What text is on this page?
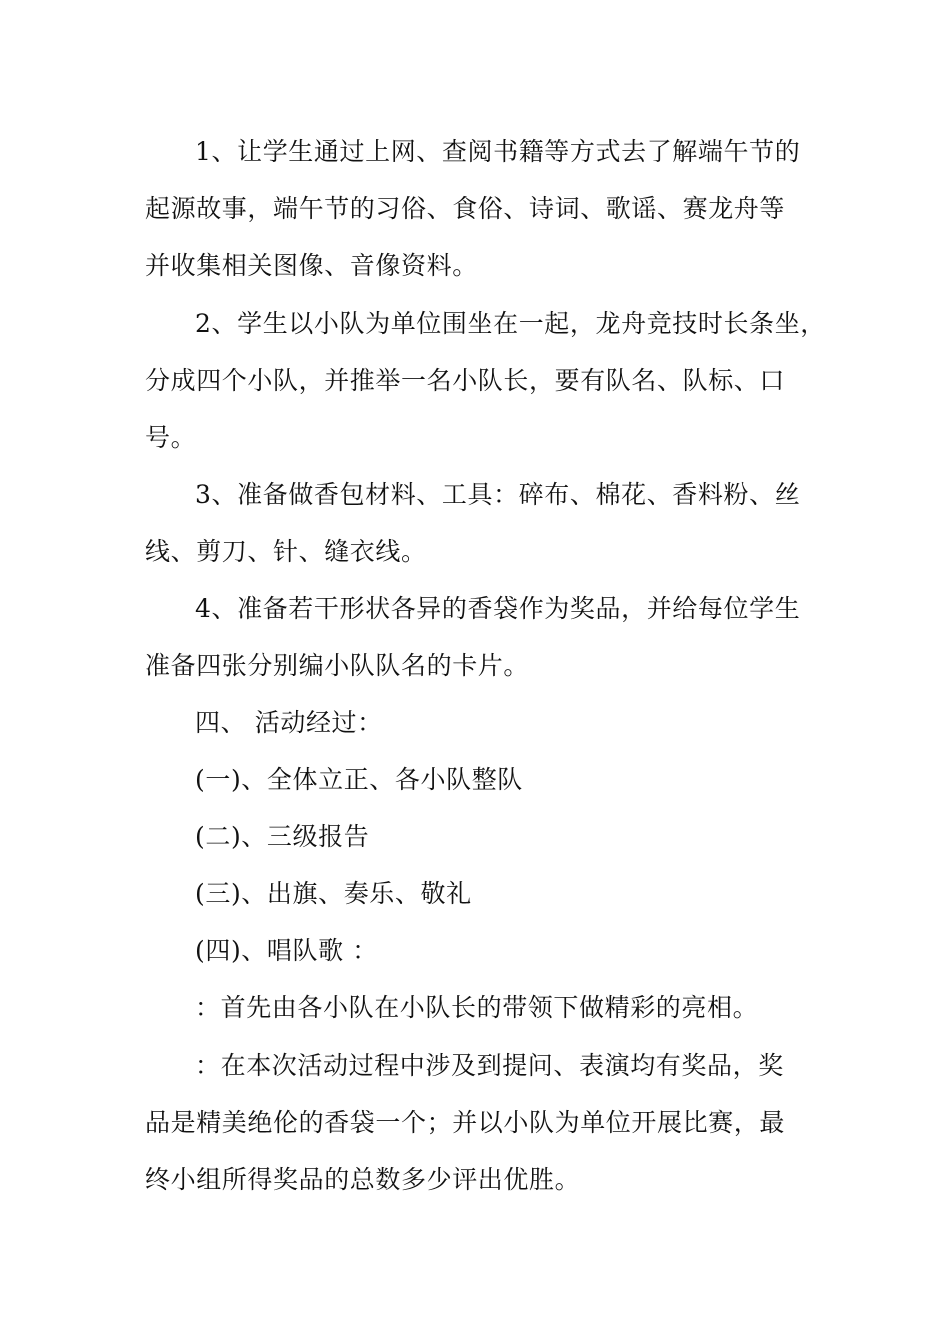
1、让学生通过上网、查阅书籍等方式去了解端午节的
起源故事，端午节的习俗、食俗、诗词、歌谣、赛龙舟等
并收集相关图像、音像资料。
2、学生以小队为单位围坐在一起，龙舟竞技时长条坐，
分成四个小队，并推举一名小队长，要有队名、队标、口
号。
3、准备做香包材料、工具：碎布、棉花、香料粉、丝
线、剪刀、针、缝衣线。
4、准备若干形状各异的香袋作为奖品，并给每位学生
准备四张分别编小队队名的卡片。
四、 活动经过：
(一)、全体立正、各小队整队
(二)、三级报告
(三)、出旗、奏乐、敬礼
(四)、唱队歌 ：
：首先由各小队在小队长的带领下做精彩的亮相。
：在本次活动过程中涉及到提问、表演均有奖品，奖
品是精美绝伦的香袋一个；并以小队为单位开展比赛，最
终小组所得奖品的总数多少评出优胜。
